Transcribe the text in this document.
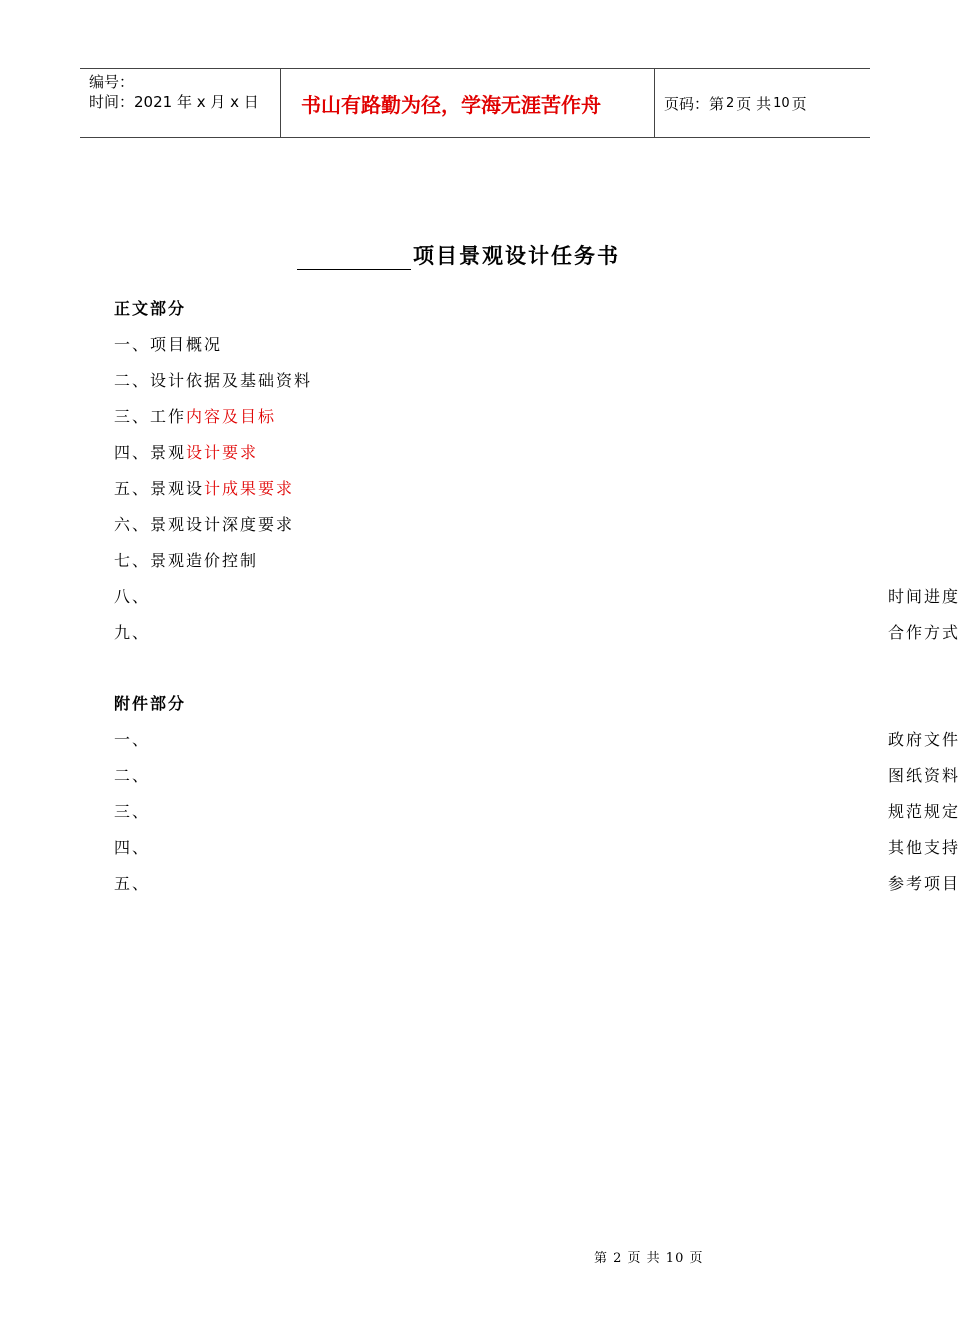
编号：
时间：2021 年 x 月 x 日	书山有路勤为径，学海无涯苦作舟	页码：第 2 页 共 10 页
项目景观设计任务书
正文部分
一、项目概况
二、设计依据及基础资料
三、工作内容及目标
四、景观设计要求
五、景观设计成果要求
六、景观设计深度要求
七、景观造价控制
八、	时间进度
九、	合作方式
附件部分
一、	政府文件
二、	图纸资料
三、	规范规定
四、	其他支持
五、	参考项目
第 2 页 共 10 页
